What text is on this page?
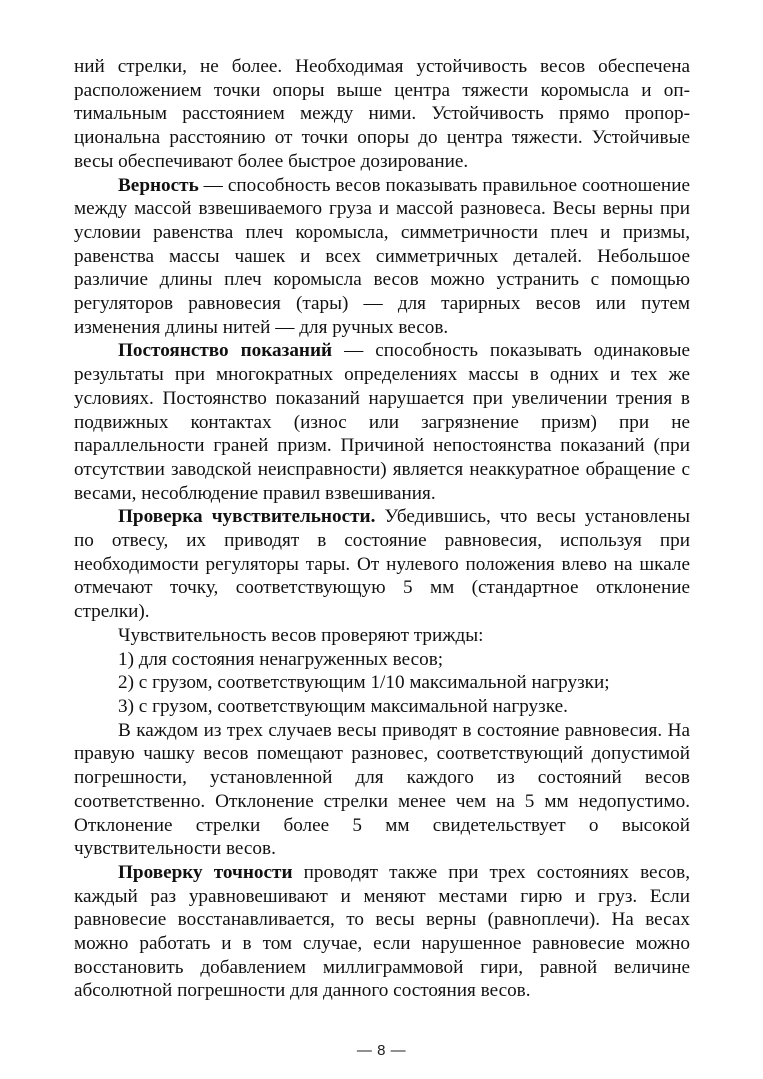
ний стрелки, не более. Необходимая устойчивость весов обеспечена расположением точки опоры выше центра тяжести коромысла и оптимальным расстоянием между ними. Устойчивость прямо пропорциональна расстоянию от точки опоры до центра тяжести. Устойчивые весы обеспечивают более быстрое дозирование.

Верность — способность весов показывать правильное соотношение между массой взвешиваемого груза и массой разновеса. Весы верны при условии равенства плеч коромысла, симметричности плеч и призмы, равенства массы чашек и всех симметричных деталей. Небольшое различие длины плеч коромысла весов можно устранить с помощью регуляторов равновесия (тары) — для тарирных весов или путем изменения длины нитей — для ручных весов.

Постоянство показаний — способность показывать одинаковые результаты при многократных определениях массы в одних и тех же условиях. Постоянство показаний нарушается при увеличении трения в подвижных контактах (износ или загрязнение призм) при не параллельности граней призм. Причиной непостоянства показаний (при отсутствии заводской неисправности) является неаккуратное обращение с весами, несоблюдение правил взвешивания.

Проверка чувствительности. Убедившись, что весы установлены по отвесу, их приводят в состояние равновесия, используя при необходимости регуляторы тары. От нулевого положения влево на шкале отмечают точку, соответствующую 5 мм (стандартное отклонение стрелки).

Чувствительность весов проверяют трижды:

1) для состояния ненагруженных весов;

2) с грузом, соответствующим 1/10 максимальной нагрузки;

3) с грузом, соответствующим максимальной нагрузке.

В каждом из трех случаев весы приводят в состояние равновесия. На правую чашку весов помещают разновес, соответствующий допустимой погрешности, установленной для каждого из состояний весов соответственно. Отклонение стрелки менее чем на 5 мм недопустимо. Отклонение стрелки более 5 мм свидетельствует о высокой чувствительности весов.

Проверку точности проводят также при трех состояниях весов, каждый раз уравновешивают и меняют местами гирю и груз. Если равновесие восстанавливается, то весы верны (равноплечи). На весах можно работать и в том случае, если нарушенное равновесие можно восстановить добавлением миллиграммовой гири, равной величине абсолютной погрешности для данного состояния весов.

— 8 —
